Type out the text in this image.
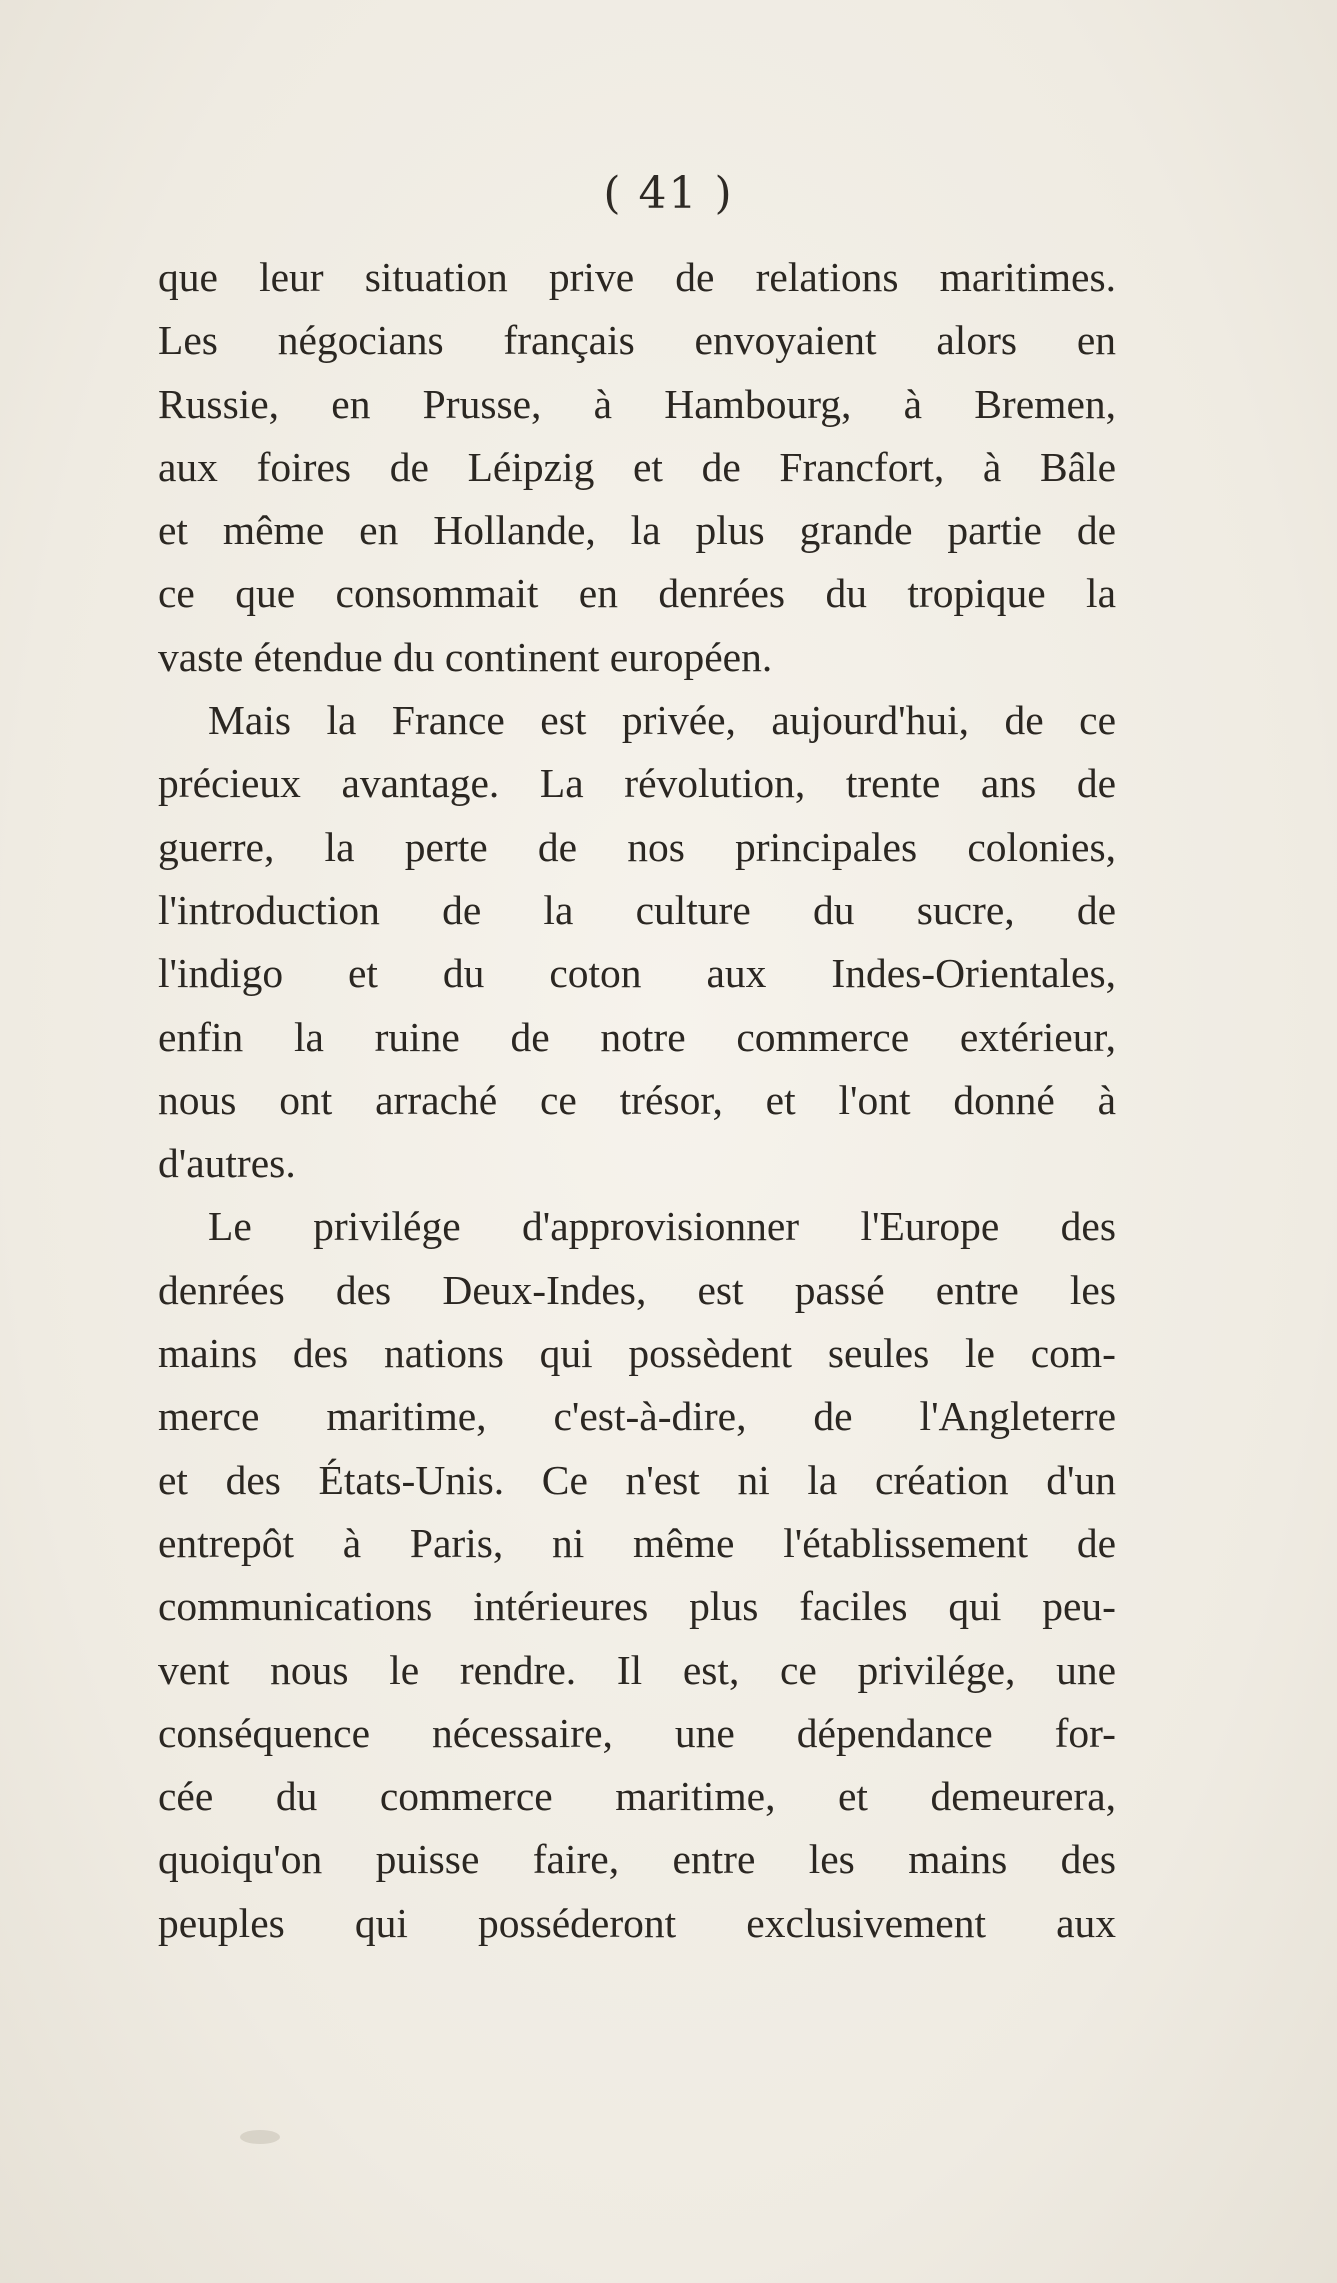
( 41 )
que leur situation prive de relations maritimes.
Les négocians français envoyaient alors en
Russie, en Prusse, à Hambourg, à Bremen,
aux foires de Léipzig et de Francfort, à Bâle
et même en Hollande, la plus grande partie de
ce que consommait en denrées du tropique la
vaste étendue du continent européen.
Mais la France est privée, aujourd'hui, de ce
précieux avantage. La révolution, trente ans de
guerre, la perte de nos principales colonies,
l'introduction de la culture du sucre, de
l'indigo et du coton aux Indes-Orientales,
enfin la ruine de notre commerce extérieur,
nous ont arraché ce trésor, et l'ont donné à
d'autres.
Le privilége d'approvisionner l'Europe des
denrées des Deux-Indes, est passé entre les
mains des nations qui possèdent seules le com-
merce maritime, c'est-à-dire, de l'Angleterre
et des États-Unis. Ce n'est ni la création d'un
entrepôt à Paris, ni même l'établissement de
communications intérieures plus faciles qui peu-
vent nous le rendre. Il est, ce privilége, une
conséquence nécessaire, une dépendance for-
cée du commerce maritime, et demeurera,
quoiqu'on puisse faire, entre les mains des
peuples qui posséderont exclusivement aux
